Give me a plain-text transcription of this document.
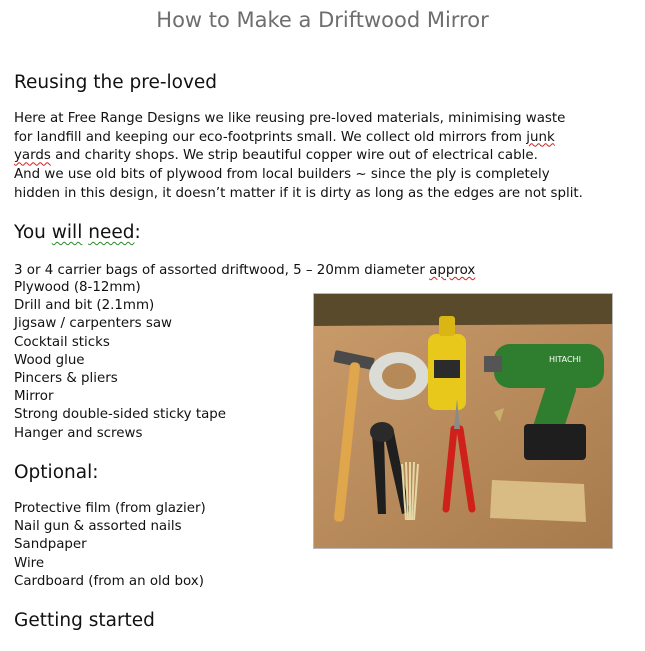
How to Make a Driftwood Mirror
Reusing the pre-loved

Here at Free Range Designs we like reusing pre-loved materials, minimising waste
for landfill and keeping our eco-footprints small. We collect old mirrors from junk
yards and charity shops. We strip beautiful copper wire out of electrical cable.
And we use old bits of plywood from local builders ~ since the ply is completely
hidden in this design, it doesn’t matter if it is dirty as long as the edges are not split.

You will need:
3 or 4 carrier bags of assorted driftwood, 5 – 20mm diameter approx
Plywood (8-12mm)
Drill and bit (2.1mm)
Jigsaw / carpenters saw
Cocktail sticks
Wood glue
Pincers & pliers
Mirror
Strong double-sided sticky tape
Hanger and screws
Optional:
Protective film (from glazier)
Nail gun & assorted nails
Sandpaper
Wire
Cardboard (from an old box)
Getting started
HITACHI
